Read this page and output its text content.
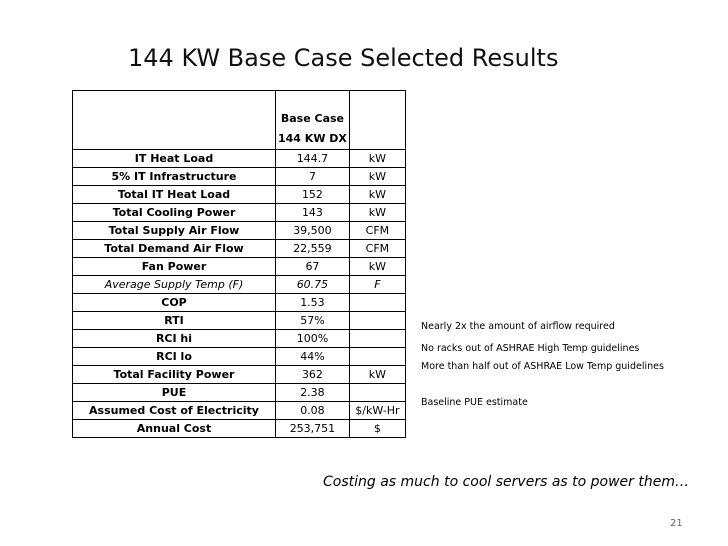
144 KW Base Case Selected Results

	Base Case
144 KW DX	

IT Heat Load	144.7	kW
5% IT Infrastructure	7	kW
Total IT Heat Load	152	kW
Total Cooling Power	143	kW
Total Supply Air Flow	39,500	CFM
Total Demand Air Flow	22,559	CFM
Fan Power	67	kW
Average Supply Temp (F)	60.75	F
COP	1.53	
RTI	57%	
RCI hi	100%	
RCI lo	44%	
Total Facility Power	362	kW
PUE	2.38	
Assumed Cost of Electricity	0.08	$/kW-Hr
Annual Cost	253,751	$
Nearly 2x the amount of airflow required
No racks out of ASHRAE High Temp guidelines
More than half out of ASHRAE Low Temp guidelines
Baseline PUE estimate
Costing as much to cool servers as to power them…
21
